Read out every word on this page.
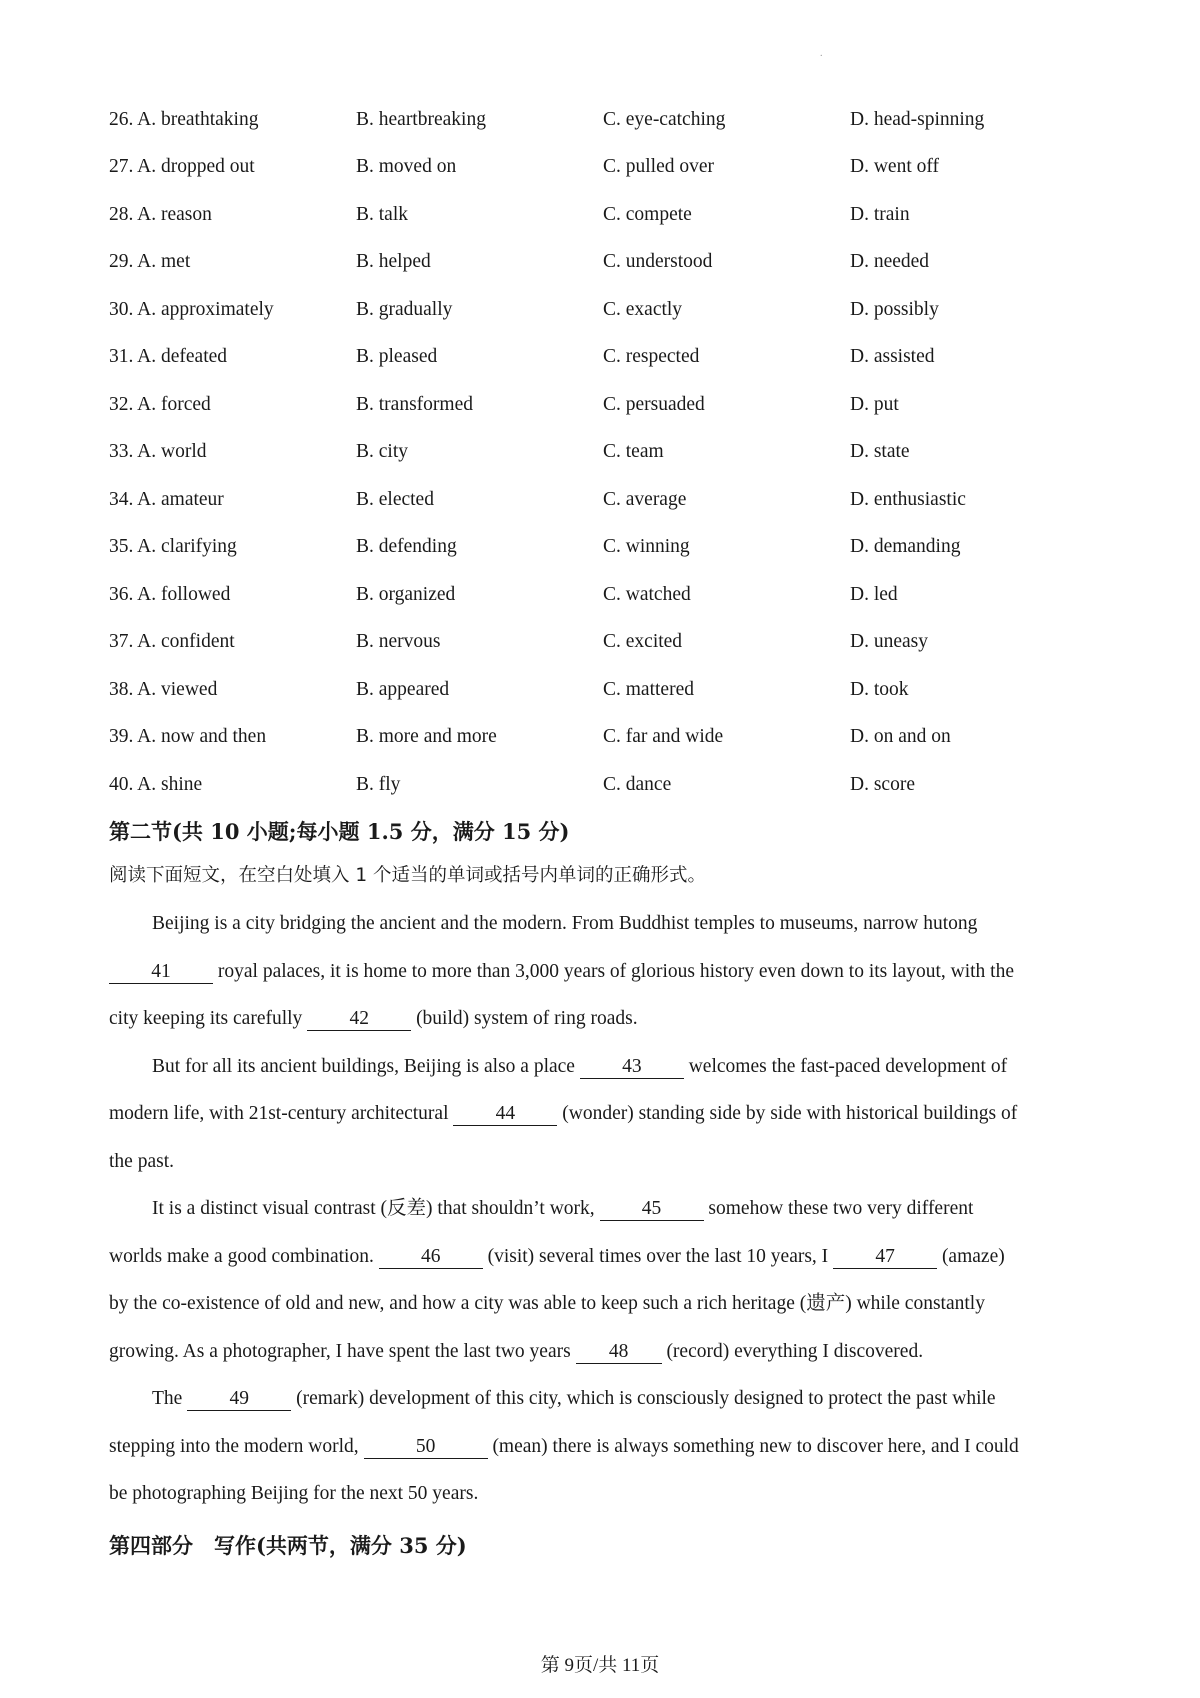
.
26. A. breathtaking	B. heartbreaking	C. eye-catching	D. head-spinning
27. A. dropped out	B. moved on	C. pulled over	D. went off
28. A. reason	B. talk	C. compete	D. train
29. A. met	B. helped	C. understood	D. needed
30. A. approximately	B. gradually	C. exactly	D. possibly
31. A. defeated	B. pleased	C. respected	D. assisted
32. A. forced	B. transformed	C. persuaded	D. put
33. A. world	B. city	C. team	D. state
34. A. amateur	B. elected	C. average	D. enthusiastic
35. A. clarifying	B. defending	C. winning	D. demanding
36. A. followed	B. organized	C. watched	D. led
37. A. confident	B. nervous	C. excited	D. uneasy
38. A. viewed	B. appeared	C. mattered	D. took
39. A. now and then	B. more and more	C. far and wide	D. on and on
40. A. shine	B. fly	C. dance	D. score
第二节(共 10 小题;每小题 1.5 分，满分 15 分)
阅读下面短文，在空白处填入 1 个适当的单词或括号内单词的正确形式。
Beijing is a city bridging the ancient and the modern. From Buddhist temples to museums, narrow hutong
41 royal palaces, it is home to more than 3,000 years of glorious history even down to its layout, with the
city keeping its carefully 42 (build) system of ring roads.
But for all its ancient buildings, Beijing is also a place 43 welcomes the fast-paced development of
modern life, with 21st-century architectural 44 (wonder) standing side by side with historical buildings of
the past.
It is a distinct visual contrast (反差) that shouldn’t work, 45 somehow these two very different
worlds make a good combination. 46 (visit) several times over the last 10 years, I 47 (amaze)
by the co-existence of old and new, and how a city was able to keep such a rich heritage (遗产) while constantly
growing. As a photographer, I have spent the last two years 48 (record) everything I discovered.
The 49 (remark) development of this city, which is consciously designed to protect the past while
stepping into the modern world,	50	(mean) there is always something new to discover here, and I could
be photographing Beijing for the next 50 years.
第四部分　写作(共两节，满分 35 分)
第 9页/共 11页
